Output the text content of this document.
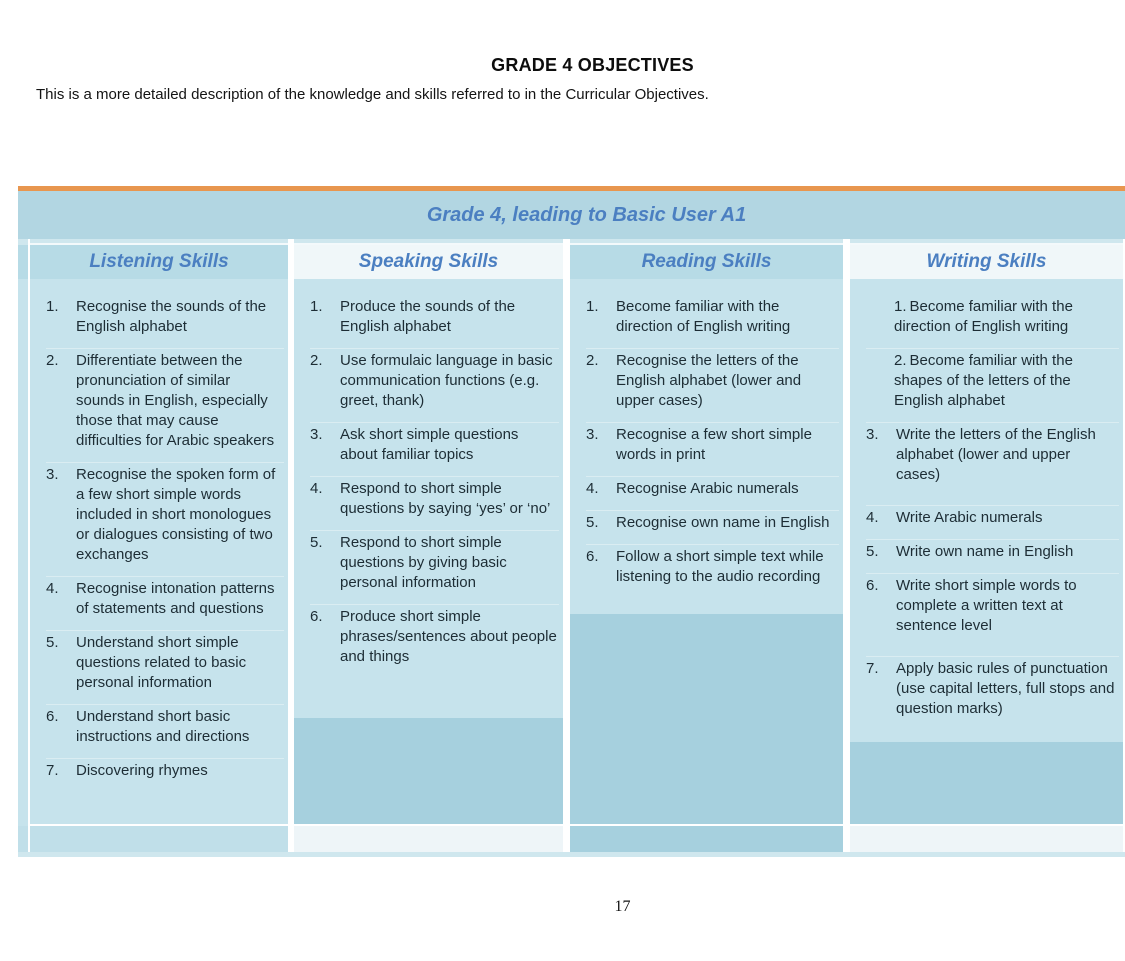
GRADE 4 OBJECTIVES
This is a more detailed description of the knowledge and skills referred to in the Curricular Objectives.
Grade 4, leading to Basic User A1
Listening Skills
1.	Recognise the sounds of the English alphabet
2.	Differentiate between the pronunciation of similar sounds in English, especially those that may cause difficulties for Arabic speakers
3.	Recognise the spoken form of a few short simple words included in short monologues or dialogues consisting of two exchanges
4.	Recognise intonation patterns of statements and questions
5.	Understand short simple questions related to basic personal information
6.	Understand short basic instructions and directions
7.	Discovering rhymes
Speaking Skills
1.	Produce the sounds of the English alphabet
2.	Use formulaic language in basic communication functions (e.g. greet, thank)
3.	Ask short simple questions about familiar topics
4.	Respond to short simple questions by saying ‘yes’ or ‘no’
5.	Respond to short simple questions by giving basic personal information
6.	Produce short simple phrases/sentences about people and things
Reading Skills
1.	Become familiar with the direction of English writing
2.	Recognise the letters of the English alphabet (lower and upper cases)
3.	Recognise a few short simple words in print
4.	Recognise Arabic numerals
5.	Recognise own name in English
6.	Follow a short simple text while listening to the audio recording
Writing Skills
1. Become familiar with the direction of English writing
2. Become familiar with the shapes of the letters of the English alphabet
3.	Write the letters of the English alphabet (lower and upper cases)
4.	Write Arabic numerals
5.	Write own name in English
6.	Write short simple words to complete a written text at sentence level
7.	Apply basic rules of punctuation (use capital letters, full stops and question marks)
17
